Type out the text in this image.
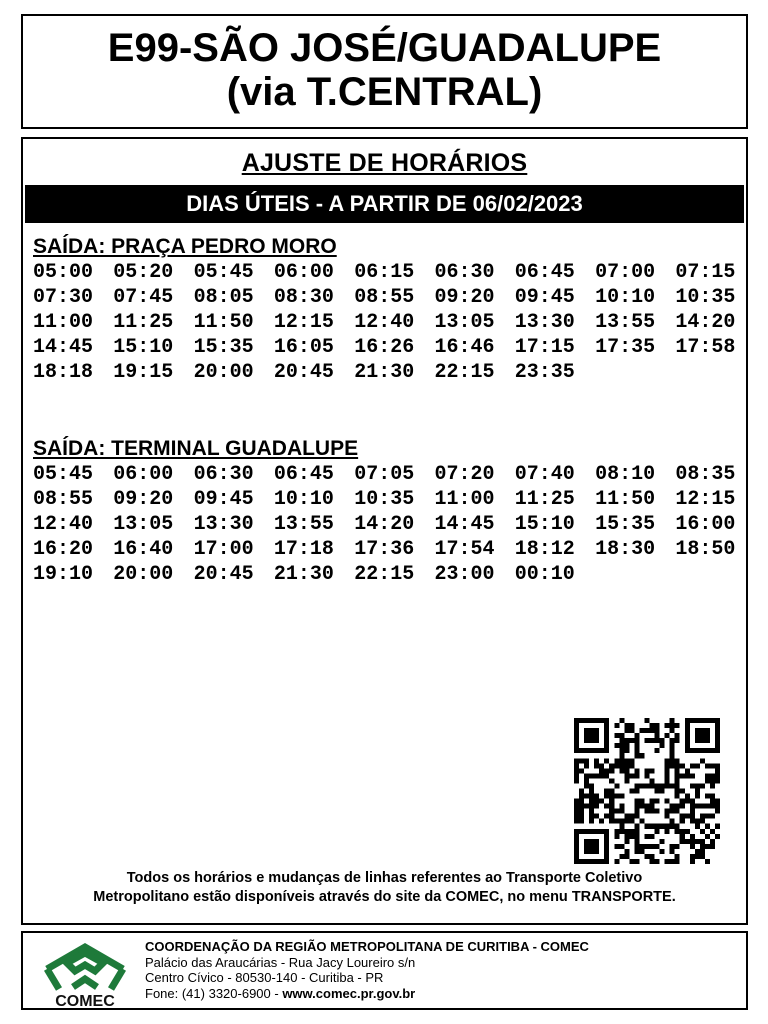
E99-SÃO JOSÉ/GUADALUPE

(via T.CENTRAL)

AJUSTE DE HORÁRIOS
DIAS ÚTEIS - A PARTIR DE 06/02/2023
SAÍDA: PRAÇA PEDRO MORO
05:00	05:20	05:45	06:00	06:15	06:30	06:45	07:00	07:15
07:30	07:45	08:05	08:30	08:55	09:20	09:45	10:10	10:35
11:00	11:25	11:50	12:15	12:40	13:05	13:30	13:55	14:20
14:45	15:10	15:35	16:05	16:26	16:46	17:15	17:35	17:58
18:18	19:15	20:00	20:45	21:30	22:15	23:35
SAÍDA: TERMINAL GUADALUPE
05:45	06:00	06:30	06:45	07:05	07:20	07:40	08:10	08:35
08:55	09:20	09:45	10:10	10:35	11:00	11:25	11:50	12:15
12:40	13:05	13:30	13:55	14:20	14:45	15:10	15:35	16:00
16:20	16:40	17:00	17:18	17:36	17:54	18:12	18:30	18:50
19:10	20:00	20:45	21:30	22:15	23:00	00:10
Todos os horários e mudanças de linhas referentes ao Transporte Coletivo
Metropolitano estão disponíveis através do site da COMEC, no menu TRANSPORTE.
COMEC
COORDENAÇÃO DA REGIÃO METROPOLITANA DE CURITIBA - COMEC
Palácio das Araucárias - Rua Jacy Loureiro s/n
Centro Cívico - 80530-140 - Curitiba - PR
Fone: (41) 3320-6900 - www.comec.pr.gov.br
